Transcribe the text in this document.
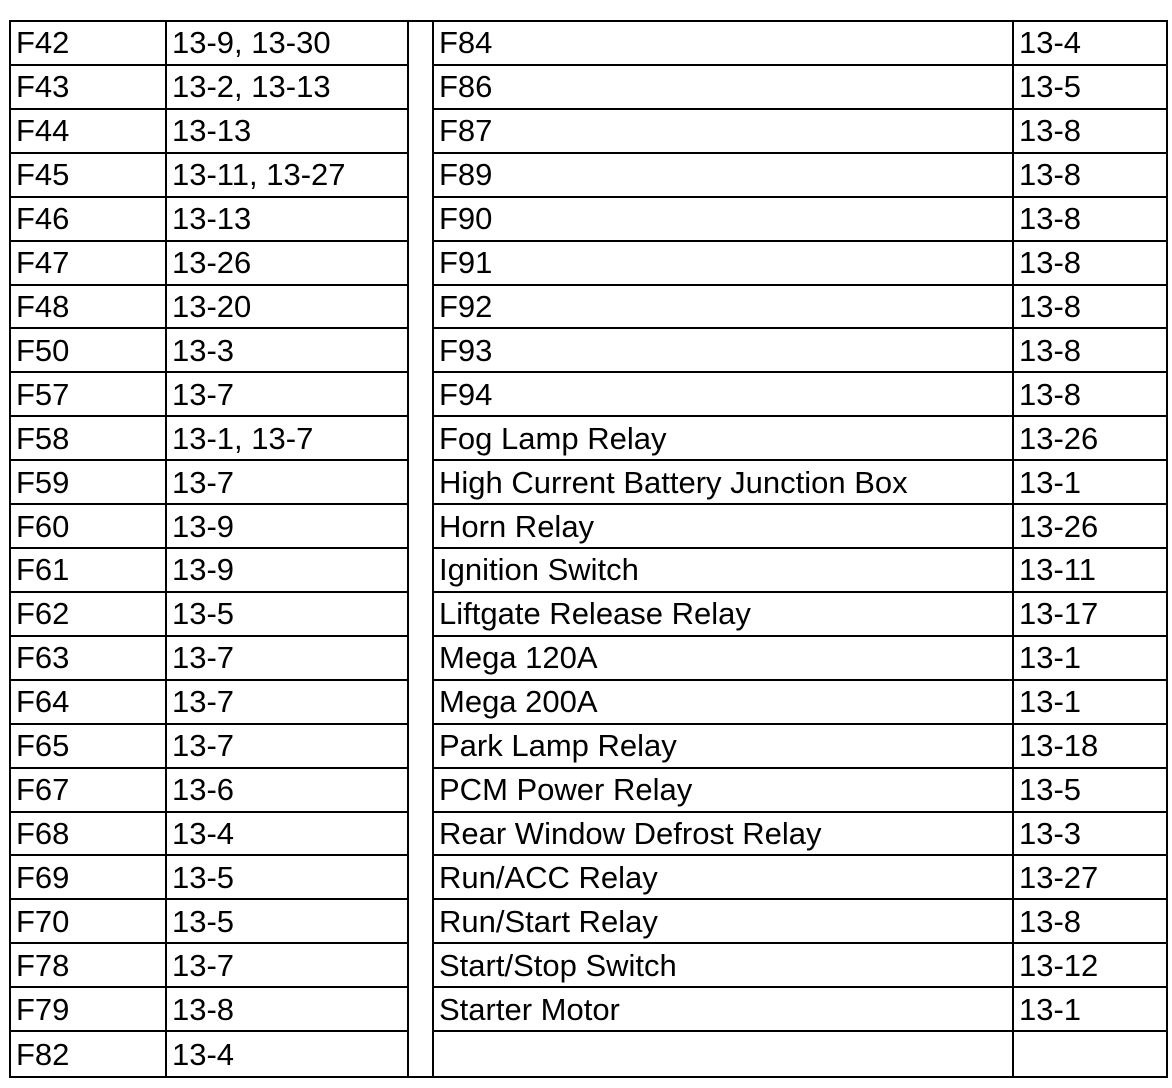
F42	13-9, 13-30	F84	13-4
F43	13-2, 13-13	F86	13-5
F44	13-13	F87	13-8
F45	13-11, 13-27	F89	13-8
F46	13-13	F90	13-8
F47	13-26	F91	13-8
F48	13-20	F92	13-8
F50	13-3	F93	13-8
F57	13-7	F94	13-8
F58	13-1, 13-7	Fog Lamp Relay	13-26
F59	13-7	High Current Battery Junction Box	13-1
F60	13-9	Horn Relay	13-26
F61	13-9	Ignition Switch	13-11
F62	13-5	Liftgate Release Relay	13-17
F63	13-7	Mega 120A	13-1
F64	13-7	Mega 200A	13-1
F65	13-7	Park Lamp Relay	13-18
F67	13-6	PCM Power Relay	13-5
F68	13-4	Rear Window Defrost Relay	13-3
F69	13-5	Run/ACC Relay	13-27
F70	13-5	Run/Start Relay	13-8
F78	13-7	Start/Stop Switch	13-12
F79	13-8	Starter Motor	13-1
F82	13-4
